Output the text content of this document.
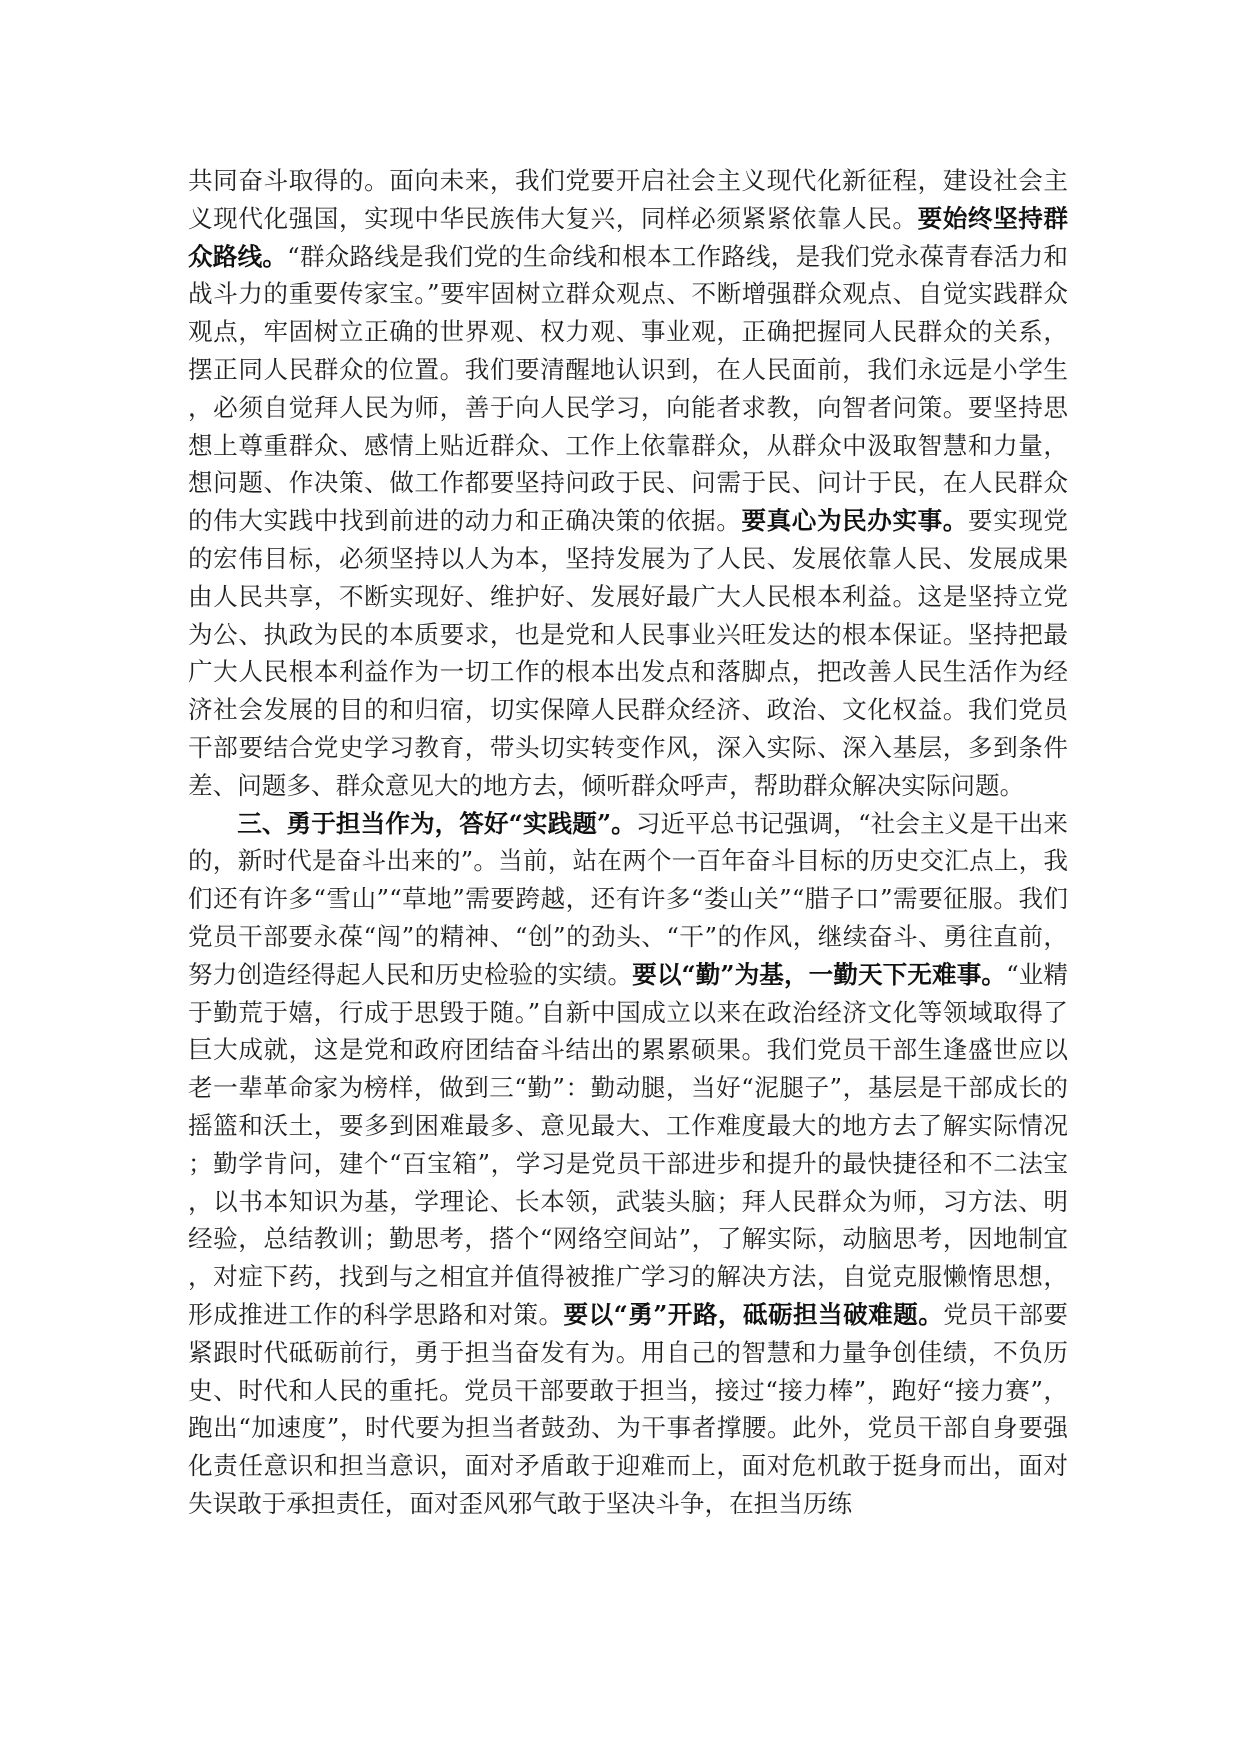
共同奋斗取得的。面向未来，我们党要开启社会主义现代化新征程，建设社会主义现代化强国，实现中华民族伟大复兴，同样必须紧紧依靠人民。要始终坚持群众路线。“群众路线是我们党的生命线和根本工作路线，是我们党永葆青春活力和战斗力的重要传家宝。”要牢固树立群众观点、不断增强群众观点、自觉实践群众观点，牢固树立正确的世界观、权力观、事业观，正确把握同人民群众的关系，摆正同人民群众的位置。我们要清醒地认识到，在人民面前，我们永远是小学生，必须自觉拜人民为师，善于向人民学习，向能者求教，向智者问策。要坚持思想上尊重群众、感情上贴近群众、工作上依靠群众，从群众中汲取智慧和力量，想问题、作决策、做工作都要坚持问政于民、问需于民、问计于民，在人民群众的伟大实践中找到前进的动力和正确决策的依据。要真心为民办实事。要实现党的宏伟目标，必须坚持以人为本，坚持发展为了人民、发展依靠人民、发展成果由人民共享，不断实现好、维护好、发展好最广大人民根本利益。这是坚持立党为公、执政为民的本质要求，也是党和人民事业兴旺发达的根本保证。坚持把最广大人民根本利益作为一切工作的根本出发点和落脚点，把改善人民生活作为经济社会发展的目的和归宿，切实保障人民群众经济、政治、文化权益。我们党员干部要结合党史学习教育，带头切实转变作风，深入实际、深入基层，多到条件差、问题多、群众意见大的地方去，倾听群众呼声，帮助群众解决实际问题。

三、勇于担当作为，答好“实践题”。习近平总书记强调，“社会主义是干出来的，新时代是奋斗出来的”。当前，站在两个一百年奋斗目标的历史交汇点上，我们还有许多“雪山”“草地”需要跨越，还有许多“娄山关”“腊子口”需要征服。我们党员干部要永葆“闯”的精神、“创”的劲头、“干”的作风，继续奋斗、勇往直前，努力创造经得起人民和历史检验的实绩。要以“勤”为基，一勤天下无难事。“业精于勤荒于嬉，行成于思毁于随。”自新中国成立以来在政治经济文化等领域取得了巨大成就，这是党和政府团结奋斗结出的累累硕果。我们党员干部生逢盛世应以老一辈革命家为榜样，做到三“勤”：勤动腿，当好“泥腿子”，基层是干部成长的摇篮和沃土，要多到困难最多、意见最大、工作难度最大的地方去了解实际情况；勤学肯问，建个“百宝箱”，学习是党员干部进步和提升的最快捷径和不二法宝，以书本知识为基，学理论、长本领，武装头脑；拜人民群众为师，习方法、明经验，总结教训；勤思考，搭个“网络空间站”，了解实际，动脑思考，因地制宜，对症下药，找到与之相宜并值得被推广学习的解决方法，自觉克服懒惰思想，形成推进工作的科学思路和对策。要以“勇”开路，砥砺担当破难题。党员干部要紧跟时代砥砺前行，勇于担当奋发有为。用自己的智慧和力量争创佳绩，不负历史、时代和人民的重托。党员干部要敢于担当，接过“接力棒”，跑好“接力赛”，跑出“加速度”，时代要为担当者鼓劲、为干事者撑腰。此外，党员干部自身要强化责任意识和担当意识，面对矛盾敢于迎难而上，面对危机敢于挺身而出，面对失误敢于承担责任，面对歪风邪气敢于坚决斗争，在担当历练
